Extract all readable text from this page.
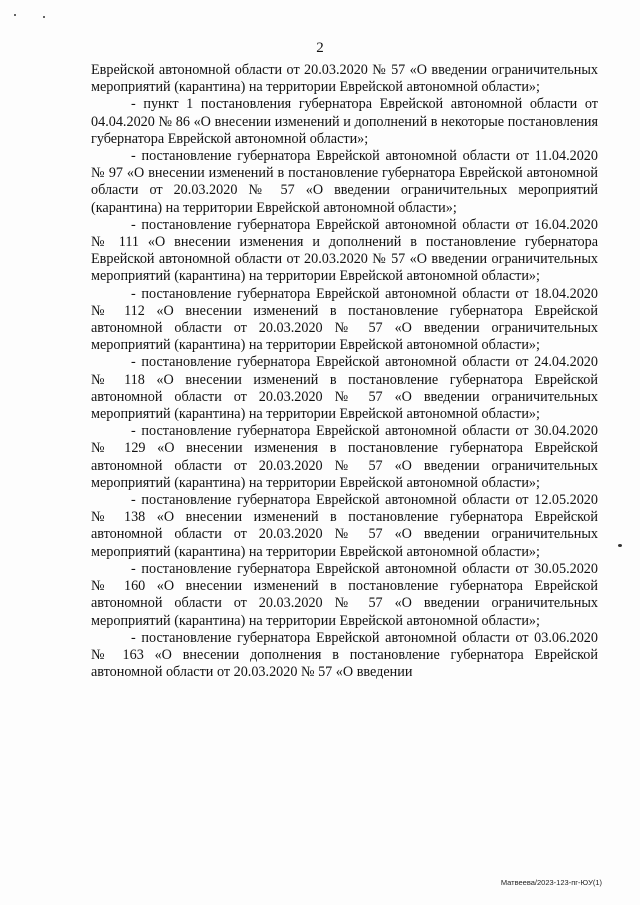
2

Еврейской автономной области от 20.03.2020 № 57 «О введении ограничительных мероприятий (карантина) на территории Еврейской автономной области»;

- пункт 1 постановления губернатора Еврейской автономной области от 04.04.2020 № 86 «О внесении изменений и дополнений в некоторые постановления губернатора Еврейской автономной области»;

- постановление губернатора Еврейской автономной области от 11.04.2020 № 97 «О внесении изменений в постановление губернатора Еврейской автономной области от 20.03.2020 № 57 «О введении ограничительных мероприятий (карантина) на территории Еврейской автономной области»;

- постановление губернатора Еврейской автономной области от 16.04.2020 № 111 «О внесении изменения и дополнений в постановление губернатора Еврейской автономной области от 20.03.2020 № 57 «О введении ограничительных мероприятий (карантина) на территории Еврейской автономной области»;

- постановление губернатора Еврейской автономной области от 18.04.2020 № 112 «О внесении изменений в постановление губернатора Еврейской автономной области от 20.03.2020 № 57 «О введении ограничительных мероприятий (карантина) на территории Еврейской автономной области»;

- постановление губернатора Еврейской автономной области от 24.04.2020 № 118 «О внесении изменений в постановление губернатора Еврейской автономной области от 20.03.2020 № 57 «О введении ограничительных мероприятий (карантина) на территории Еврейской автономной области»;

- постановление губернатора Еврейской автономной области от 30.04.2020 № 129 «О внесении изменения в постановление губернатора Еврейской автономной области от 20.03.2020 № 57 «О введении ограничительных мероприятий (карантина) на территории Еврейской автономной области»;

- постановление губернатора Еврейской автономной области от 12.05.2020 № 138 «О внесении изменений в постановление губернатора Еврейской автономной области от 20.03.2020 № 57 «О введении ограничительных мероприятий (карантина) на территории Еврейской автономной области»;

- постановление губернатора Еврейской автономной области от 30.05.2020 № 160 «О внесении изменений в постановление губернатора Еврейской автономной области от 20.03.2020 № 57 «О введении ограничительных мероприятий (карантина) на территории Еврейской автономной области»;

- постановление губернатора Еврейской автономной области от 03.06.2020 № 163 «О внесении дополнения в постановление губернатора Еврейской автономной области от 20.03.2020 № 57 «О введении

Матвеева/2023-123-пг-ЮУ(1)
